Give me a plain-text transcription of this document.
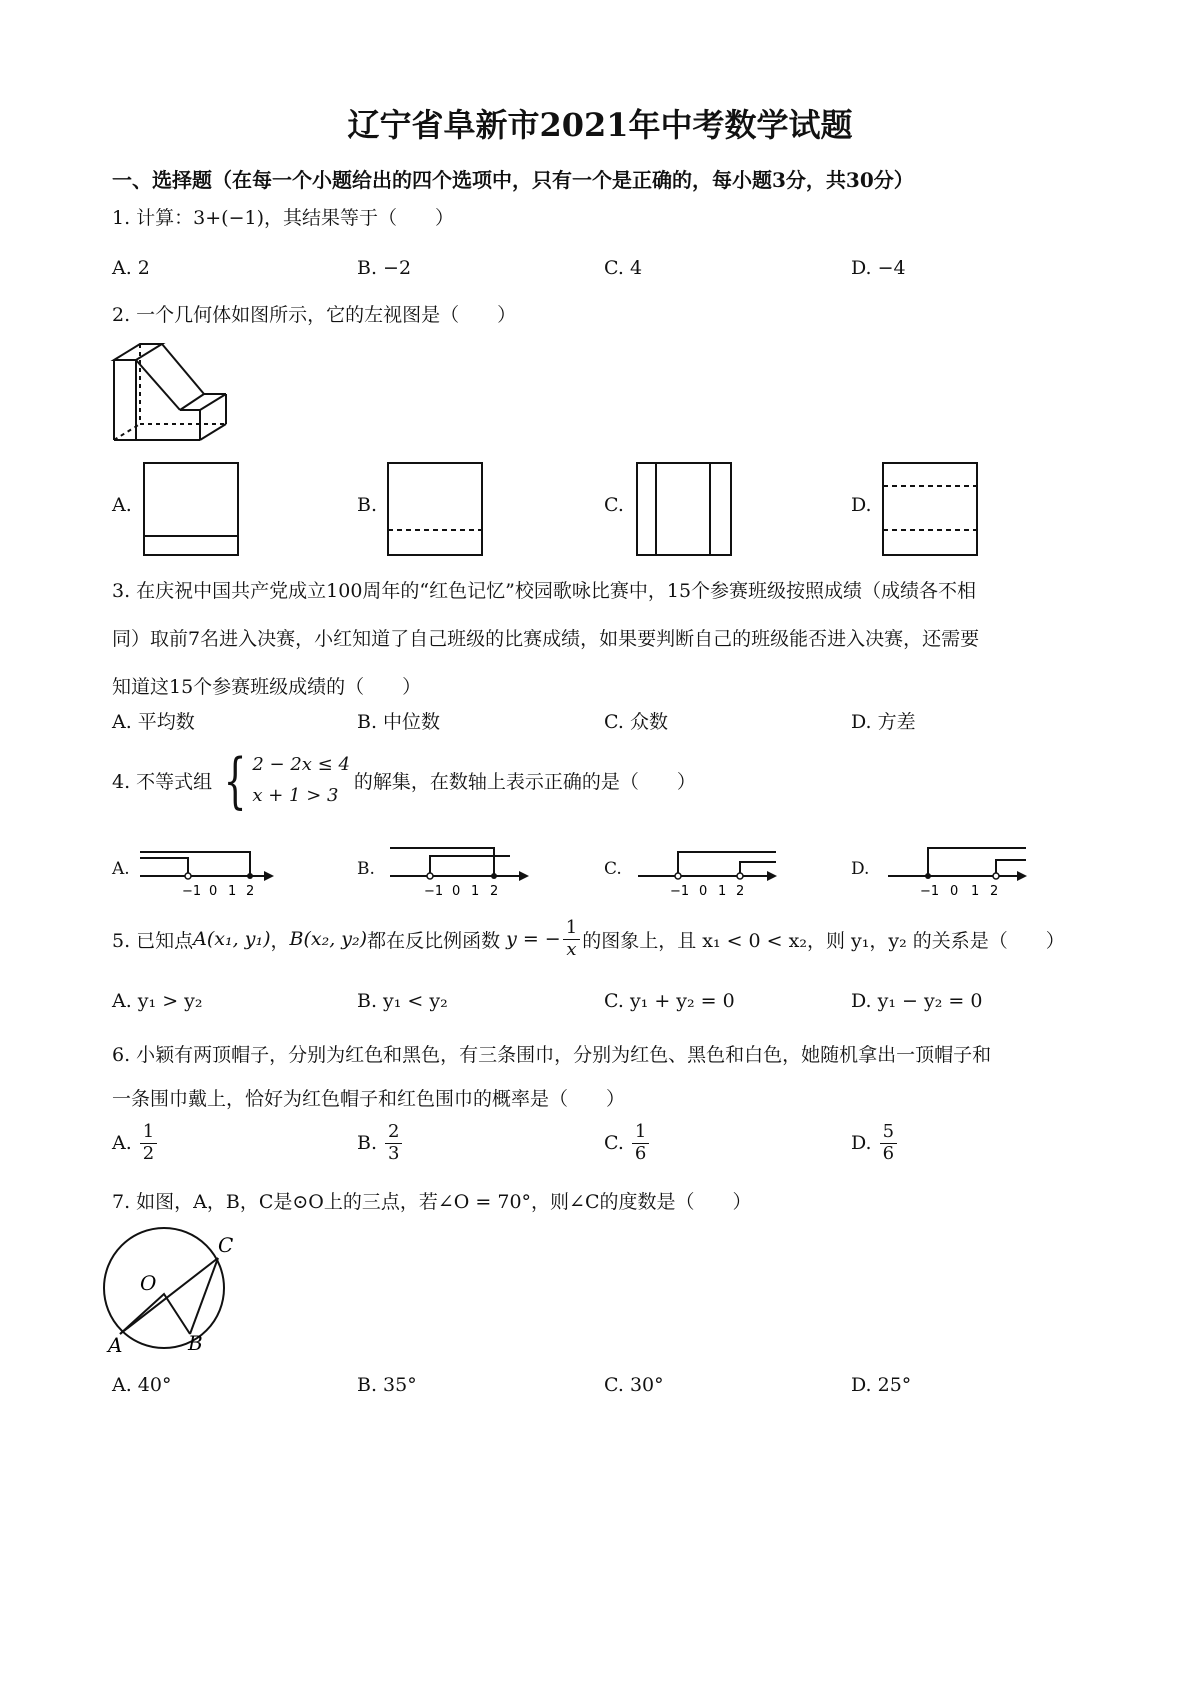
辽宁省阜新市2021年中考数学试题
一、选择题（在每一个小题给出的四个选项中，只有一个是正确的，每小题3分，共30分）
1. 计算：3+(−1)，其结果等于（　　）
A. 2	B. −2	C. 4	D. −4
2. 一个几何体如图所示，它的左视图是（　　）
A.	B.	C.	D.
3. 在庆祝中国共产党成立100周年的“红色记忆”校园歌咏比赛中，15个参赛班级按照成绩（成绩各不相
同）取前7名进入决赛，小红知道了自己班级的比赛成绩，如果要判断自己的班级能否进入决赛，还需要
知道这15个参赛班级成绩的（　　）
A. 平均数	B. 中位数	C. 众数	D. 方差
4. 不等式组 { 2 − 2x ≤ 4
x + 1 > 3
的解集，在数轴上表示正确的是（　　）
A.	B.	C.	D.
−1 0 1 2	−1 0 1 2	−1 0 1 2	−1 0 1 2
5. 已知点 A(x₁, y₁) ， B(x₂, y₂) 都在反比例函数 y = − $\frac{1}{x}$ 的图象上，且 x₁ < 0 < x₂，则 y₁，y₂ 的关系是（　　）
A. y₁ > y₂	B. y₁ < y₂	C. y₁ + y₂ = 0	D. y₁ − y₂ = 0
6. 小颖有两顶帽子，分别为红色和黑色，有三条围巾，分别为红色、黑色和白色，她随机拿出一顶帽子和
一条围巾戴上，恰好为红色帽子和红色围巾的概率是（　　）
A. $\frac{1}{2}$	B. $\frac{2}{3}$	C. $\frac{1}{6}$	D. $\frac{5}{6}$
7. 如图，A，B，C是⊙O上的三点，若∠O = 70°，则∠C的度数是（　　）
O
A	B
C
A. 40°	B. 35°	C. 30°	D. 25°
